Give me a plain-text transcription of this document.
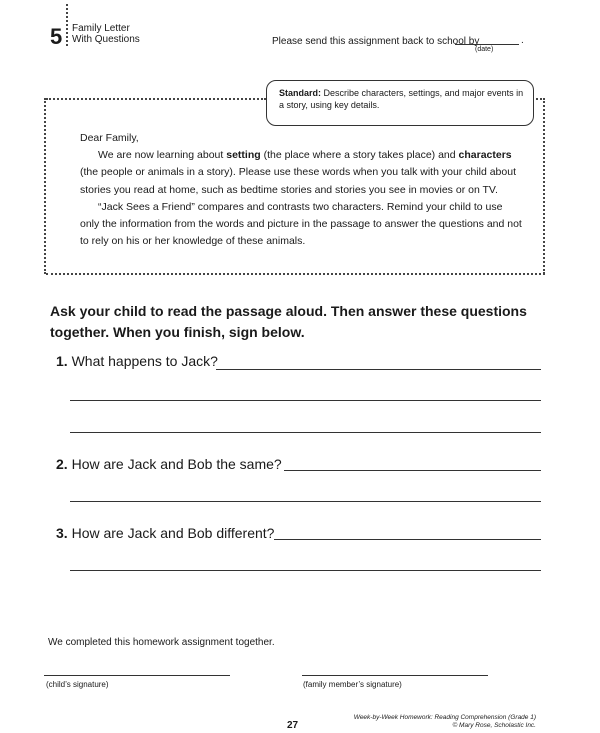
5 Family Letter
With Questions	Please send this assignment back to school by	.
(date)
Standard: Describe characters, settings, and major events in a story, using key details.

Dear Family,

We are now learning about setting (the place where a story takes place) and characters (the people or animals in a story). Please use these words when you talk with your child about stories you read at home, such as bedtime stories and stories you see in movies or on TV.

“Jack Sees a Friend” compares and contrasts two characters. Remind your child to use only the information from the words and picture in the passage to answer the questions and not to rely on his or her knowledge of these animals.

Ask your child to read the passage aloud. Then answer these questions together. When you finish, sign below.
1. What happens to Jack?
2. How are Jack and Bob the same?
3. How are Jack and Bob different?
We completed this homework assignment together.
(child’s signature)	(family member’s signature)
27
Week-by-Week Homework: Reading Comprehension (Grade 1)
© Mary Rose, Scholastic Inc.
